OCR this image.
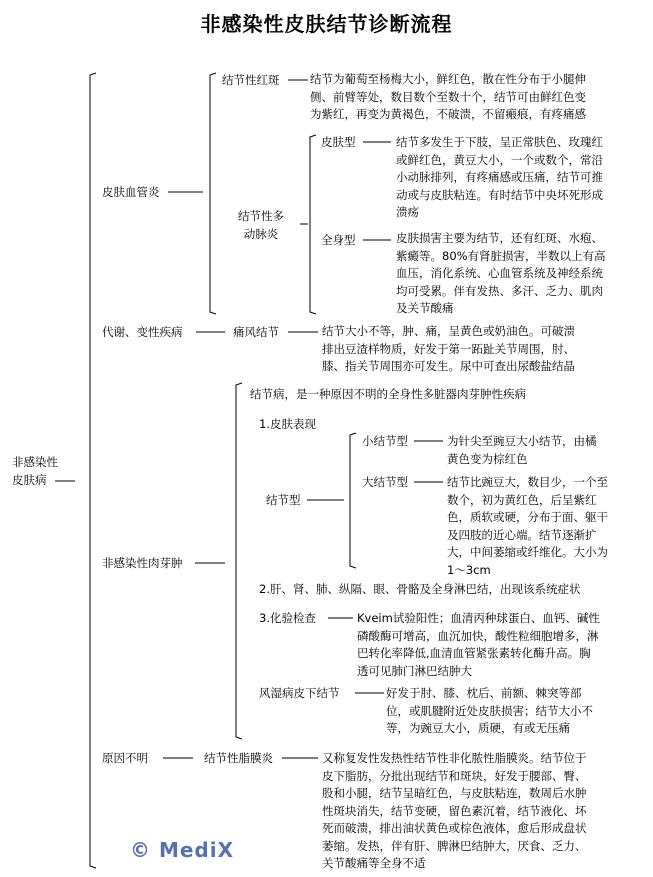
非感染性皮肤结节诊断流程
非感染性
皮肤病
皮肤血管炎
结节性红斑	结节为葡萄至杨梅大小，鲜红色，散在性分布于小腿伸
侧、前臂等处，数目数个至数十个，结节可由鲜红色变
为紫红，再变为黄褐色，不破溃，不留瘢痕，有疼痛感
结节性多
动脉炎
皮肤型	结节多发生于下肢，呈正常肤色、玫瑰红
或鲜红色，黄豆大小，一个或数个，常沿
小动脉排列，有疼痛感或压痛，结节可推
动或与皮肤粘连。有时结节中央坏死形成
溃疡
全身型	皮肤损害主要为结节，还有红斑、水疱、
紫癜等。80%有肾脏损害，半数以上有高
血压，消化系统、心血管系统及神经系统
均可受累。伴有发热、多汗、乏力、肌肉
及关节酸痛
代谢、变性疾病	痛风结节	结节大小不等，肿、痛，呈黄色或奶油色。可破溃
排出豆渣样物质，好发于第一跖趾关节周围，肘、
膝、指关节周围亦可发生。尿中可查出尿酸盐结晶
非感染性肉芽肿
结节病，是一种原因不明的全身性多脏器肉芽肿性疾病
1.皮肤表现
结节型
小结节型	为针尖至豌豆大小结节，由橘
黄色变为棕红色
大结节型	结节比豌豆大，数目少，一个至
数个，初为黄红色，后呈紫红
色，质软或硬，分布于面、躯干
及四肢的近心端。结节逐渐扩
大，中间萎缩或纤维化。大小为
1～3cm
2.肝、肾、肺、纵隔、眼、骨骼及全身淋巴结，出现该系统症状
3.化验检查	Kveim试验阳性；血清丙种球蛋白、血钙、碱性
磷酸酶可增高，血沉加快，酸性粒细胞增多，淋
巴转化率降低,血清血管紧张素转化酶升高。胸
透可见肺门淋巴结肿大
风湿病皮下结节	好发于肘、膝、枕后、前额、棘突等部
位，或肌腱附近处皮肤损害；结节大小不
等，为豌豆大小，质硬，有或无压痛
原因不明	结节性脂膜炎	又称复发性发热性结节性非化脓性脂膜炎。结节位于
皮下脂肪，分批出现结节和斑块，好发于腰部、臀、
股和小腿，结节呈暗红色，与皮肤粘连，数周后水肿
性斑块消失，结节变硬，留色素沉着，结节液化、坏
死而破溃，排出油状黄色或棕色液体，愈后形成盘状
萎缩。发热，伴有肝、脾淋巴结肿大，厌食、乏力、
关节酸痛等全身不适
© MediX
